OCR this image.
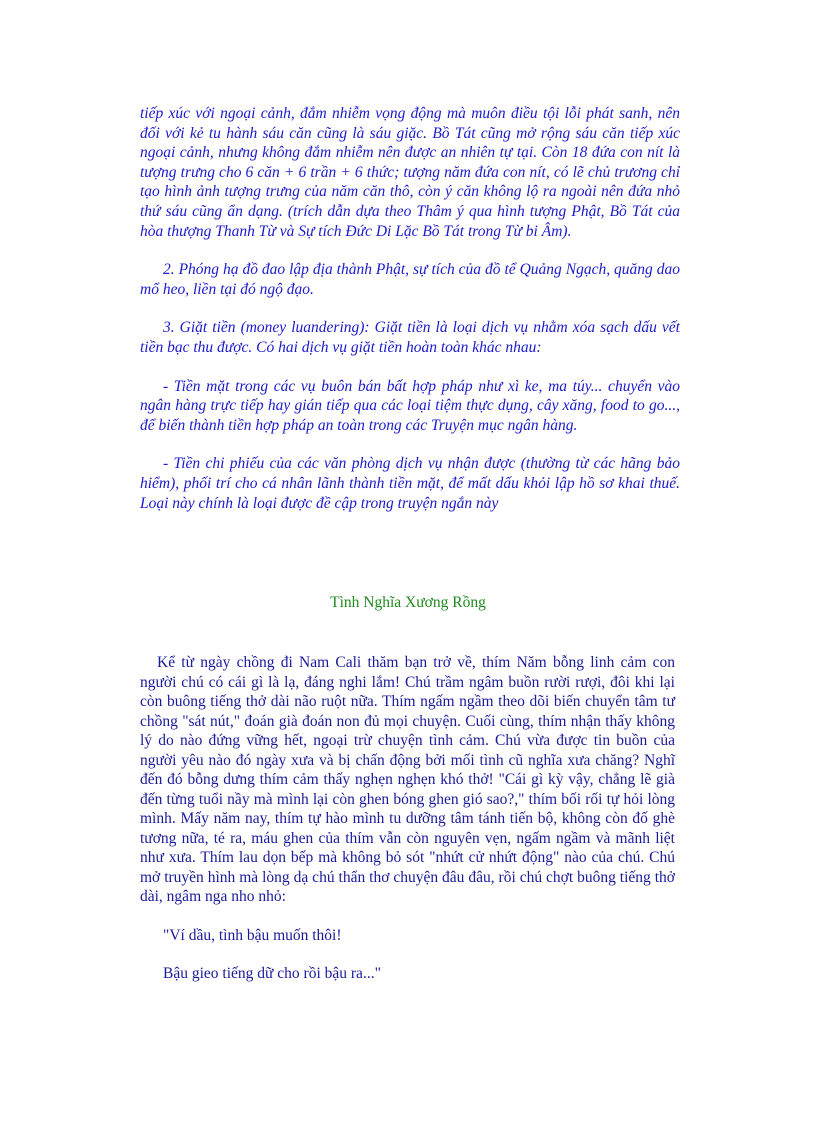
tiếp xúc với ngoại cảnh, đắm nhiễm vọng động mà muôn điều tội lỗi phát sanh, nên đối với kẻ tu hành sáu căn cũng là sáu giặc. Bồ Tát cũng mở rộng sáu căn tiếp xúc ngoại cảnh, nhưng không đắm nhiễm nên được an nhiên tự tại. Còn 18 đứa con nít là tượng trưng cho 6 căn + 6 trần + 6 thức; tượng năm đứa con nít, có lẽ chủ trương chỉ tạo hình ảnh tượng trưng của năm căn thô, còn ý căn không lộ ra ngoài nên đứa nhỏ thứ sáu cũng ẩn dạng. (trích dẫn dựa theo Thâm ý qua hình tượng Phật, Bồ Tát của hòa thượng Thanh Từ và Sự tích Đức Di Lặc Bồ Tát trong Từ bi Âm).

2. Phóng hạ đồ đao lập địa thành Phật, sự tích của đồ tể Quảng Ngạch, quăng dao mổ heo, liền tại đó ngộ đạo.

3. Giặt tiền (money luandering): Giặt tiền là loại dịch vụ nhằm xóa sạch dấu vết tiền bạc thu được. Có hai dịch vụ giặt tiền hoàn toàn khác nhau:

- Tiền mặt trong các vụ buôn bán bất hợp pháp như xì ke, ma túy... chuyển vào ngân hàng trực tiếp hay gián tiếp qua các loại tiệm thực dụng, cây xăng, food to go..., để biến thành tiền hợp pháp an toàn trong các Truyện mục ngân hàng.

- Tiền chi phiếu của các văn phòng dịch vụ nhận được (thường từ các hãng bảo hiểm), phối trí cho cá nhân lãnh thành tiền mặt, để mất dấu khỏi lập hồ sơ khai thuế. Loại này chính là loại được đề cập trong truyện ngắn này

Tình Nghĩa Xương Rồng

Kể từ ngày chồng đi Nam Cali thăm bạn trở về, thím Năm bỗng linh cảm con người chú có cái gì là lạ, đáng nghi lắm! Chú trầm ngâm buồn rười rượi, đôi khi lại còn buông tiếng thở dài não ruột nữa. Thím ngấm ngầm theo dõi biến chuyển tâm tư chồng "sát nút," đoán già đoán non đủ mọi chuyện. Cuối cùng, thím nhận thấy không lý do nào đứng vững hết, ngoại trừ chuyện tình cảm. Chú vừa được tin buồn của người yêu nào đó ngày xưa và bị chấn động bởi mối tình cũ nghĩa xưa chăng? Nghĩ đến đó bỗng dưng thím cảm thấy nghẹn nghẹn khó thở! "Cái gì kỳ vậy, chẳng lẽ già đến từng tuổi nầy mà mình lại còn ghen bóng ghen gió sao?," thím bối rối tự hỏi lòng mình. Mấy năm nay, thím tự hào mình tu dưỡng tâm tánh tiến bộ, không còn đố ghè tương nữa, té ra, máu ghen của thím vẫn còn nguyên vẹn, ngấm ngầm và mãnh liệt như xưa. Thím lau dọn bếp mà không bỏ sót "nhứt cử nhứt động" nào của chú. Chú mở truyền hình mà lòng dạ chú thẩn thơ chuyện đâu đâu, rồi chú chợt buông tiếng thở dài, ngâm nga nho nhỏ:

"Ví dầu, tình bậu muốn thôi!

Bậu gieo tiếng dữ cho rồi bậu ra..."
